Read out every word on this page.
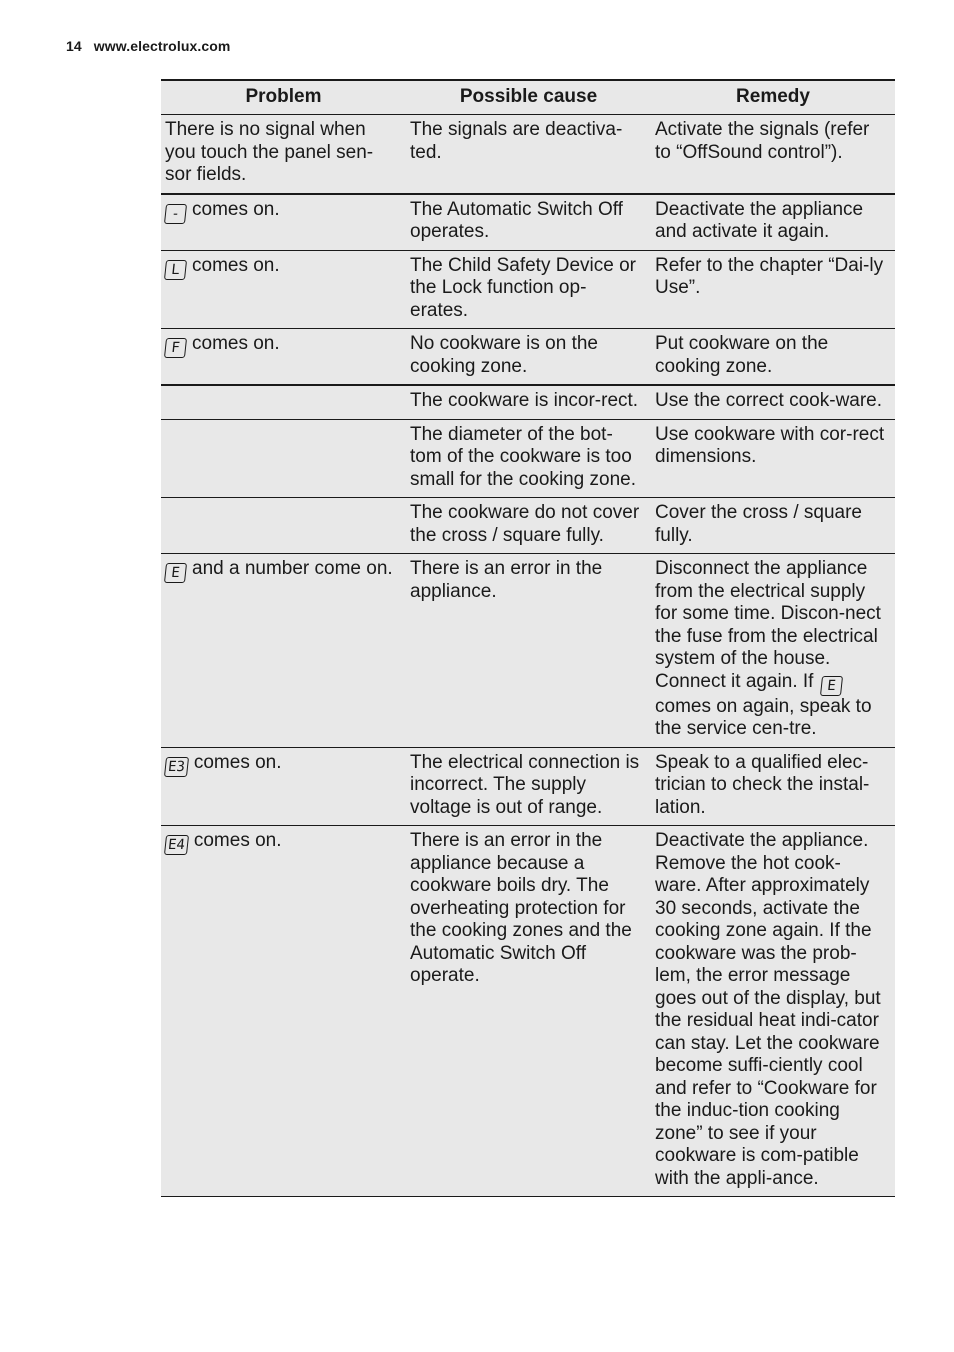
14 www.electrolux.com
Problem	Possible cause	Remedy
There is no signal when you touch the panel sen-sor fields.	The signals are deactiva-ted.	Activate the signals (refer to “OffSound control”).
- comes on.	The Automatic Switch Off operates.	Deactivate the appliance and activate it again.
L comes on.	The Child Safety Device or the Lock function op-erates.	Refer to the chapter “Dai-ly Use”.
F comes on.	No cookware is on the cooking zone.	Put cookware on the cooking zone.
	The cookware is incor-rect.	Use the correct cook-ware.
	The diameter of the bot-tom of the cookware is too small for the cooking zone.	Use cookware with cor-rect dimensions.
	The cookware do not cover the cross / square fully.	Cover the cross / square fully.
E and a number come on.	There is an error in the appliance.	Disconnect the appliance from the electrical supply for some time. Discon-nect the fuse from the electrical system of the house. Connect it again. If Ecomes on again, speak to the service cen-tre.
E3 comes on.	The electrical connection is incorrect. The supply voltage is out of range.	Speak to a qualified elec-trician to check the instal-lation.
E4 comes on.	There is an error in the appliance because a cookware boils dry. The overheating protection for the cooking zones and the Automatic Switch Off operate.	Deactivate the appliance. Remove the hot cook-ware. After approximately 30 seconds, activate the cooking zone again. If the cookware was the prob-lem, the error message goes out of the display, but the residual heat indi-cator can stay. Let the cookware become suffi-ciently cool and refer to “Cookware for the induc-tion cooking zone” to see if your cookware is com-patible with the appli-ance.
